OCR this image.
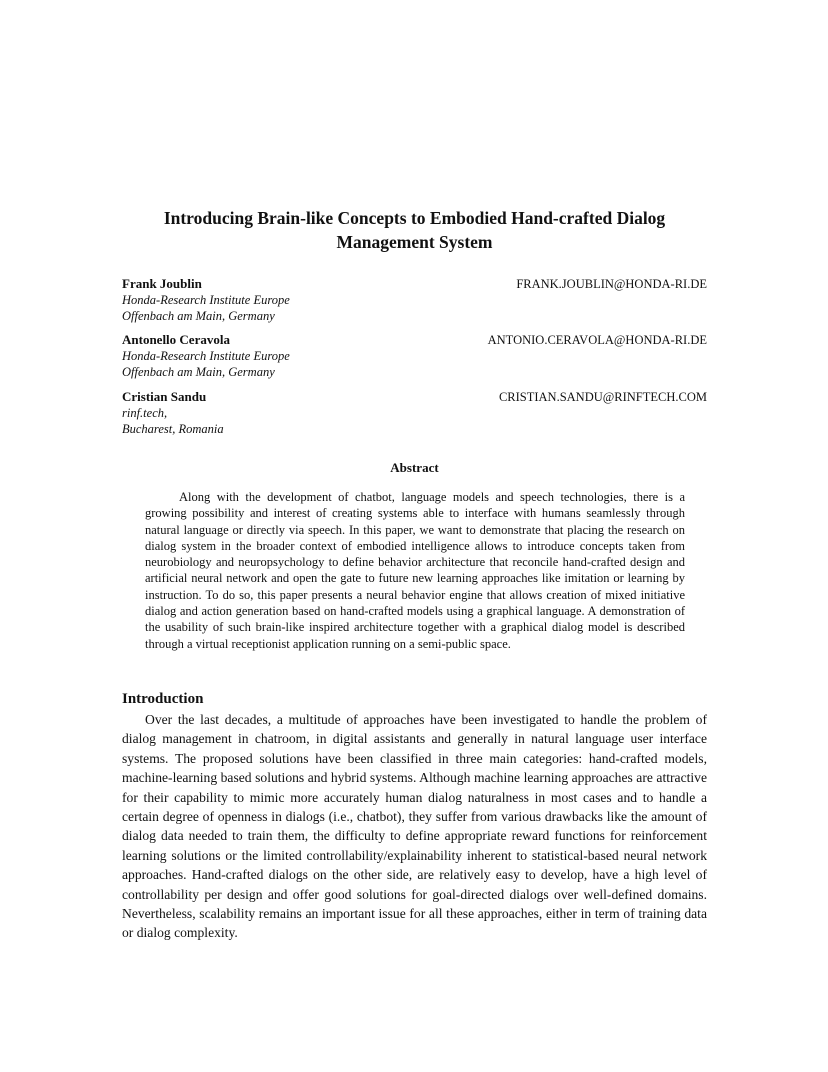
Introducing Brain-like Concepts to Embodied Hand-crafted Dialog Management System
Frank Joublin	FRANK.JOUBLIN@HONDA-RI.DE
Honda-Research Institute Europe
Offenbach am Main, Germany
Antonello Ceravola	ANTONIO.CERAVOLA@HONDA-RI.DE
Honda-Research Institute Europe
Offenbach am Main, Germany
Cristian Sandu	CRISTIAN.SANDU@RINFTECH.COM
rinf.tech,
Bucharest, Romania
Abstract

Along with the development of chatbot, language models and speech technologies, there is a growing possibility and interest of creating systems able to interface with humans seamlessly through natural language or directly via speech. In this paper, we want to demonstrate that placing the research on dialog system in the broader context of embodied intelligence allows to introduce concepts taken from neurobiology and neuropsychology to define behavior architecture that reconcile hand-crafted design and artificial neural network and open the gate to future new learning approaches like imitation or learning by instruction. To do so, this paper presents a neural behavior engine that allows creation of mixed initiative dialog and action generation based on hand-crafted models using a graphical language. A demonstration of the usability of such brain-like inspired architecture together with a graphical dialog model is described through a virtual receptionist application running on a semi-public space.

Introduction

Over the last decades, a multitude of approaches have been investigated to handle the problem of dialog management in chatroom, in digital assistants and generally in natural language user interface systems. The proposed solutions have been classified in three main categories: hand-crafted models, machine-learning based solutions and hybrid systems. Although machine learning approaches are attractive for their capability to mimic more accurately human dialog naturalness in most cases and to handle a certain degree of openness in dialogs (i.e., chatbot), they suffer from various drawbacks like the amount of dialog data needed to train them, the difficulty to define appropriate reward functions for reinforcement learning solutions or the limited controllability/explainability inherent to statistical-based neural network approaches. Hand-crafted dialogs on the other side, are relatively easy to develop, have a high level of controllability per design and offer good solutions for goal-directed dialogs over well-defined domains. Nevertheless, scalability remains an important issue for all these approaches, either in term of training data or dialog complexity.
